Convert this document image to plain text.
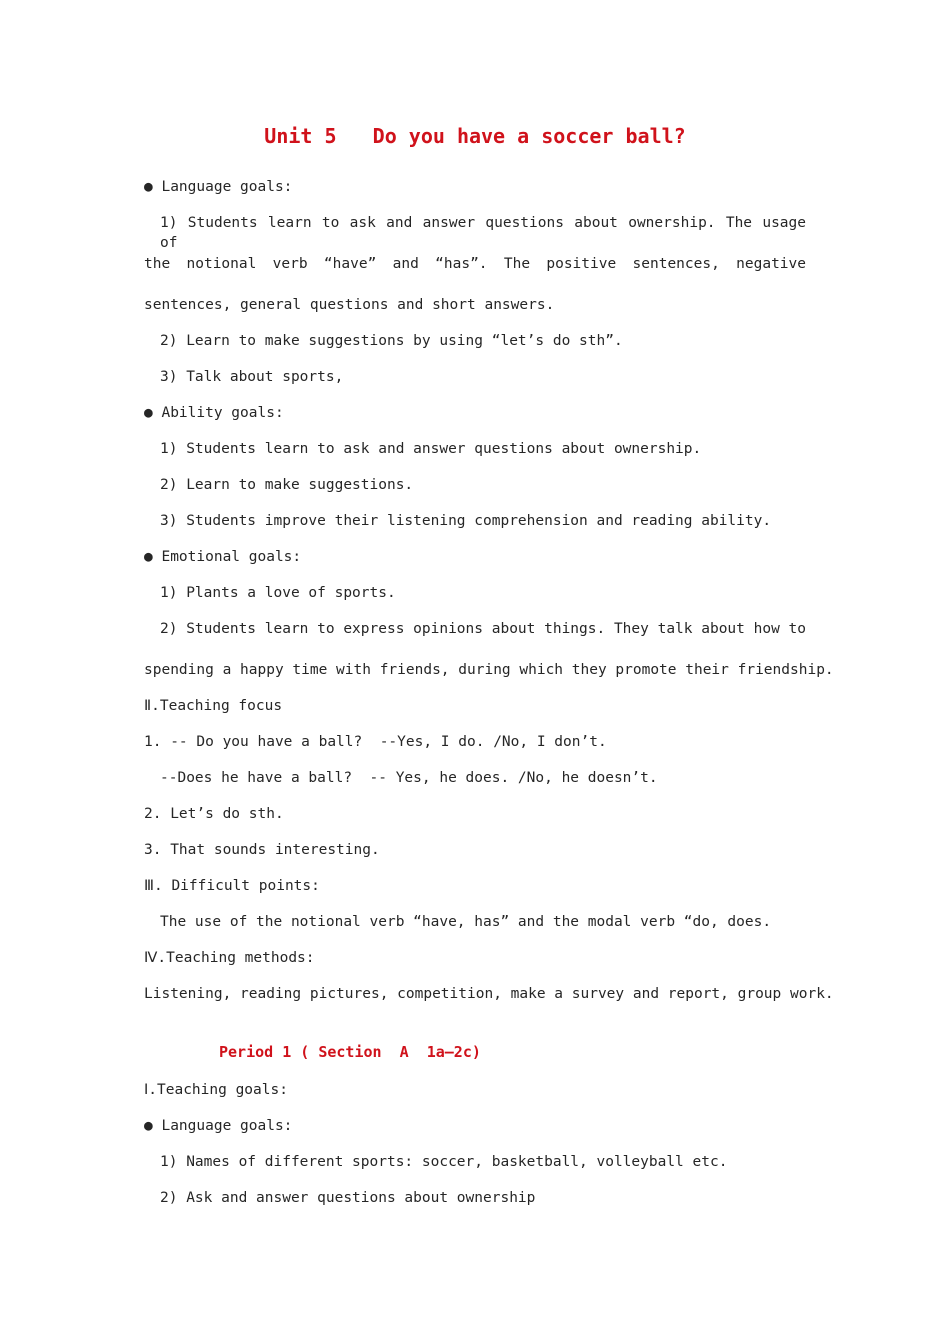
Unit 5   Do you have a soccer ball?
● Language goals:
1) Students learn to ask and answer questions about ownership. The usage of
the notional verb “have” and “has”. The positive sentences, negative
sentences, general questions and short answers.
2) Learn to make suggestions by using “let’s do sth”.
3) Talk about sports,
● Ability goals:
1) Students learn to ask and answer questions about ownership.
2) Learn to make suggestions.
3) Students improve their listening comprehension and reading ability.
● Emotional goals:
1) Plants a love of sports.
2) Students learn to express opinions about things. They talk about how to
spending a happy time with friends, during which they promote their friendship.
Ⅱ.Teaching focus
1. -- Do you have a ball?  --Yes, I do. /No, I don’t.
--Does he have a ball?  -- Yes, he does. /No, he doesn’t.
2. Let’s do sth.
3. That sounds interesting.
Ⅲ. Difficult points:
The use of the notional verb “have, has” and the modal verb “do, does.
Ⅳ.Teaching methods:
Listening, reading pictures, competition, make a survey and report, group work.
Period 1 ( Section  A  1a—2c)
Ⅰ.Teaching goals:
● Language goals:
1) Names of different sports: soccer, basketball, volleyball etc.
2) Ask and answer questions about ownership
